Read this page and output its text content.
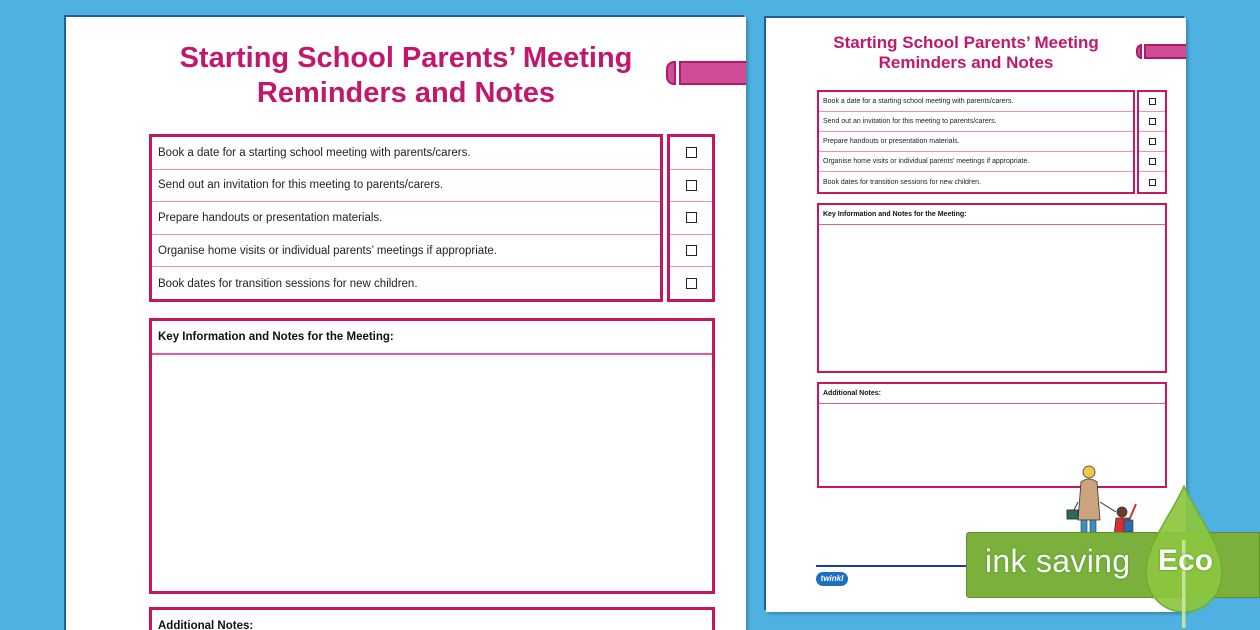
Starting School Parents’ Meeting
Reminders and Notes
Book a date for a starting school meeting with parents/carers.
Send out an invitation for this meeting to parents/carers.
Prepare handouts or presentation materials.
Organise home visits or individual parents’ meetings if appropriate.
Book dates for transition sessions for new children.
Key Information and Notes for the Meeting:
Additional Notes:
Starting School Parents’ Meeting
Reminders and Notes
Book a date for a starting school meeting with parents/carers.
Send out an invitation for this meeting to parents/carers.
Prepare handouts or presentation materials.
Organise home visits or individual parents’ meetings if appropriate.
Book dates for transition sessions for new children.
Key Information and Notes for the Meeting:
Additional Notes:
twinkl	ink saving Eco
